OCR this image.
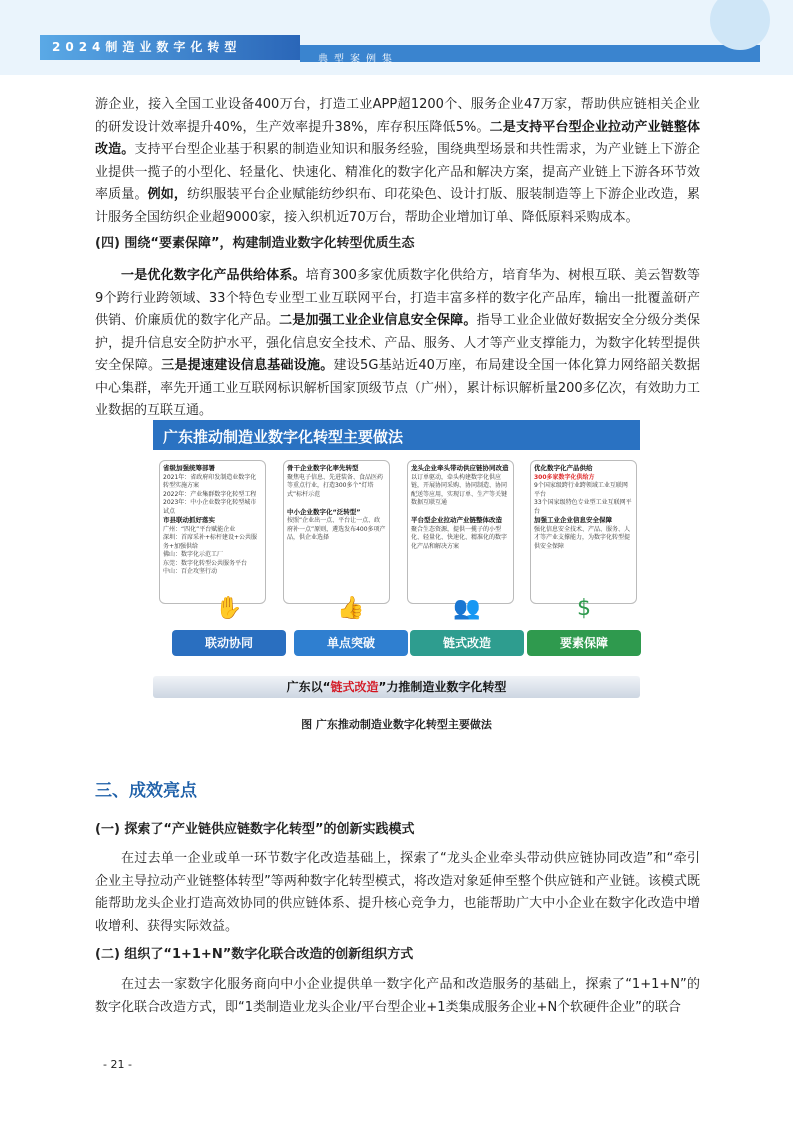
2024制造业数字化转型
典型案例集

游企业，接入全国工业设备400万台，打造工业APP超1200个、服务企业47万家，帮助供应链相关企业的研发设计效率提升40%，生产效率提升38%，库存积压降低5%。二是支持平台型企业拉动产业链整体改造。支持平台型企业基于积累的制造业知识和服务经验，围绕典型场景和共性需求，为产业链上下游企业提供一揽子的小型化、轻量化、快速化、精准化的数字化产品和解决方案，提高产业链上下游各环节效率质量。例如，纺织服装平台企业赋能纺纱织布、印花染色、设计打版、服装制造等上下游企业改造，累计服务全国纺织企业超9000家，接入织机近70万台，帮助企业增加订单、降低原料采购成本。

(四) 围绕“要素保障”，构建制造业数字化转型优质生态

一是优化数字化产品供给体系。培育300多家优质数字化供给方，培育华为、树根互联、美云智数等9个跨行业跨领域、33个特色专业型工业互联网平台，打造丰富多样的数字化产品库，输出一批覆盖研产供销、价廉质优的数字化产品。二是加强工业企业信息安全保障。指导工业企业做好数据安全分级分类保护，提升信息安全防护水平，强化信息安全技术、产品、服务、人才等产业支撑能力，为数字化转型提供安全保障。三是提速建设信息基础设施。建设5G基站近40万座，布局建设全国一体化算力网络韶关数据中心集群，率先开通工业互联网标识解析国家顶级节点（广州），累计标识解析量200多亿次，有效助力工业数据的互联互通。

广东推动制造业数字化转型主要做法
省级加强统筹部署
2021年：省政府印发制造业数字化转型实施方案
2022年：产业集群数字化转型工程
2023年：中小企业数字化转型城市试点
市县联动抓好落实
广州：“四化”平台赋能企业
深圳：首席采补+标杆建设+公共服务+加强供给
佛山：数字化示范工厂
东莞：数字化转型公共服务平台
中山：百企攻坚行动
骨干企业数字化率先转型
聚焦电子信息、先进装备、食品医药等重点行业，打造300多个“灯塔式”标杆示范

中小企业数字化“泛转型”
按照“企业出一点、平台让一点、政府补一点”原则，遴选发布400多项产品，供企业选择
龙头企业牵头带动供应链协同改造
以订单驱动，牵头构建数字化供应链，开展协同采购、协同制造、协同配送等应用，实现订单、生产等关键数据互联互通

平台型企业拉动产业链整体改造
聚合生态资源，提供一揽子的小型化、轻量化、快速化、精准化的数字化产品和解决方案
优化数字化产品供给
300多家数字化供给方
9个国家级跨行业跨领域工业互联网平台
33个国家级特色专业型工业互联网平台
加强工业企业信息安全保障
强化信息安全技术、产品、服务、人才等产业支撑能力，为数字化转型提供安全保障
✋	👍	👥	$
联动协同	单点突破	链式改造	要素保障
广东以“链式改造”力推制造业数字化转型
图 广东推动制造业数字化转型主要做法

三、成效亮点

(一) 探索了“产业链供应链数字化转型”的创新实践模式

在过去单一企业或单一环节数字化改造基础上，探索了“龙头企业牵头带动供应链协同改造”和“牵引企业主导拉动产业链整体转型”等两种数字化转型模式，将改造对象延伸至整个供应链和产业链。该模式既能帮助龙头企业打造高效协同的供应链体系、提升核心竞争力，也能帮助广大中小企业在数字化改造中增收增利、获得实际效益。

(二) 组织了“1+1+N”数字化联合改造的创新组织方式

在过去一家数字化服务商向中小企业提供单一数字化产品和改造服务的基础上，探索了“1+1+N”的数字化联合改造方式，即“1类制造业龙头企业/平台型企业+1类集成服务企业+N个软硬件企业”的联合

- 21 -
